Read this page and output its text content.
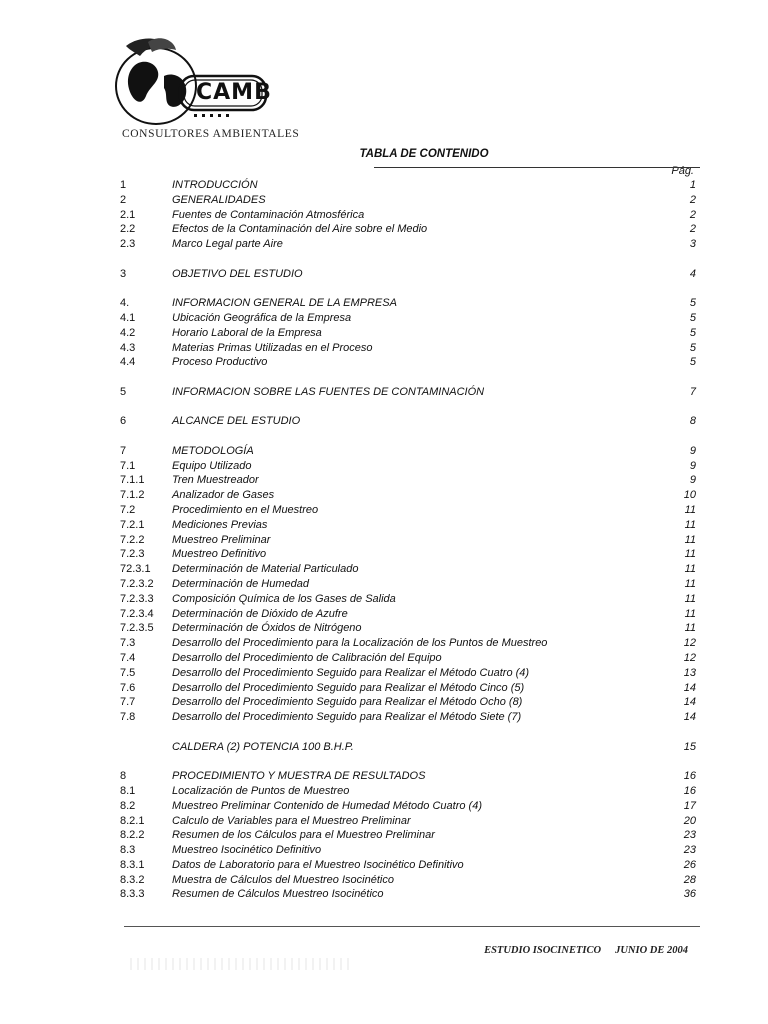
CAMB
CONSULTORES AMBIENTALES
TABLA DE CONTENIDO
Pág.
1	INTRODUCCIÓN	1
2	GENERALIDADES	2
2.1	Fuentes de Contaminación Atmosférica	2
2.2	Efectos de la Contaminación del Aire sobre el Medio	2
2.3	Marco Legal parte Aire	3
3	OBJETIVO DEL ESTUDIO	4
4.	INFORMACION GENERAL DE LA EMPRESA	5
4.1	Ubicación Geográfica de la Empresa	5
4.2	Horario Laboral de la Empresa	5
4.3	Materias Primas Utilizadas en el Proceso	5
4.4	Proceso Productivo	5
5	INFORMACION SOBRE LAS FUENTES DE CONTAMINACIÓN	7
6	ALCANCE DEL ESTUDIO	8
7	METODOLOGÍA	9
7.1	Equipo Utilizado	9
7.1.1	Tren Muestreador	9
7.1.2	Analizador de Gases	10
7.2	Procedimiento en el Muestreo	11
7.2.1	Mediciones Previas	11
7.2.2	Muestreo Preliminar	11
7.2.3	Muestreo Definitivo	11
72.3.1 Determinación de Material Particulado	11
7.2.3.2 Determinación de Humedad	11
7.2.3.3 Composición Química de los Gases de Salida	11
7.2.3.4 Determinación de Dióxido de Azufre	11
7.2.3.5 Determinación de Óxidos de Nitrógeno	11
7.3	Desarrollo del Procedimiento para la Localización de los Puntos de Muestreo	12
7.4	Desarrollo del Procedimiento de Calibración del Equipo	12
7.5	Desarrollo del Procedimiento Seguido para Realizar el Método Cuatro (4)	13
7.6	Desarrollo del Procedimiento Seguido para Realizar el Método Cinco (5)	14
7.7	Desarrollo del Procedimiento Seguido para Realizar el Método Ocho (8)	14
7.8	Desarrollo del Procedimiento Seguido para Realizar el Método Siete (7)	14
CALDERA (2) POTENCIA 100 B.H.P.	15
8	PROCEDIMIENTO Y MUESTRA DE RESULTADOS	16
8.1	Localización de Puntos de Muestreo	16
8.2	Muestreo Preliminar Contenido de Humedad Método Cuatro (4)	17
8.2.1	Calculo de Variables para el Muestreo Preliminar	20
8.2.2	Resumen de los Cálculos para el Muestreo Preliminar	23
8.3	Muestreo Isocinético Definitivo	23
8.3.1	Datos de Laboratorio para el Muestreo Isocinético Definitivo	26
8.3.2	Muestra de Cálculos del Muestreo Isocinético	28
8.3.3	Resumen de Cálculos Muestreo Isocinético	36
ESTUDIO ISOCINETICO JUNIO DE 2004
